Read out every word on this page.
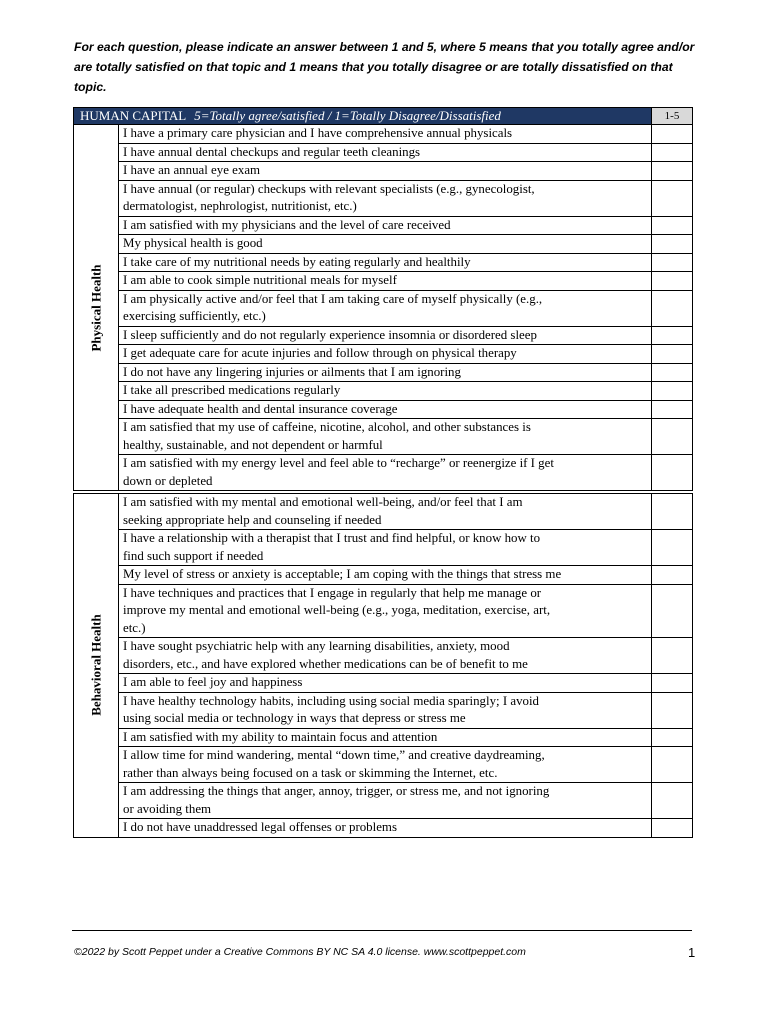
For each question, please indicate an answer between 1 and 5, where 5 means that you totally agree and/or are totally satisfied on that topic and 1 means that you totally disagree or are totally dissatisfied on that topic.
HUMAN CAPITAL 5=Totally agree/satisfied / 1=Totally Disagree/Dissatisfied		1-5

Physical Health	I have a primary care physician and I have comprehensive annual physicals	

	I have annual dental checkups and regular teeth cleanings	

	I have an annual eye exam	

	I have annual (or regular) checkups with relevant specialists (e.g., gynecologist,
dermatologist, nephrologist, nutritionist, etc.)	

	I am satisfied with my physicians and the level of care received	

	My physical health is good	

	I take care of my nutritional needs by eating regularly and healthily	

	I am able to cook simple nutritional meals for myself	

	I am physically active and/or feel that I am taking care of myself physically (e.g.,
exercising sufficiently, etc.)	

	I sleep sufficiently and do not regularly experience insomnia or disordered sleep	

	I get adequate care for acute injuries and follow through on physical therapy	

	I do not have any lingering injuries or ailments that I am ignoring	

	I take all prescribed medications regularly	

	I have adequate health and dental insurance coverage	

	I am satisfied that my use of caffeine, nicotine, alcohol, and other substances is
healthy, sustainable, and not dependent or harmful	

	I am satisfied with my energy level and feel able to “recharge” or reenergize if I get
down or depleted	

Behavioral Health	I am satisfied with my mental and emotional well-being, and/or feel that I am
seeking appropriate help and counseling if needed	

	I have a relationship with a therapist that I trust and find helpful, or know how to
find such support if needed	

	My level of stress or anxiety is acceptable; I am coping with the things that stress me	

	I have techniques and practices that I engage in regularly that help me manage or
improve my mental and emotional well-being (e.g., yoga, meditation, exercise, art,
etc.)	

	I have sought psychiatric help with any learning disabilities, anxiety, mood
disorders, etc., and have explored whether medications can be of benefit to me	

	I am able to feel joy and happiness	

	I have healthy technology habits, including using social media sparingly; I avoid
using social media or technology in ways that depress or stress me	

	I am satisfied with my ability to maintain focus and attention	

	I allow time for mind wandering, mental “down time,” and creative daydreaming,
rather than always being focused on a task or skimming the Internet, etc.	

	I am addressing the things that anger, annoy, trigger, or stress me, and not ignoring
or avoiding them	

	I do not have unaddressed legal offenses or problems	

©2022 by Scott Peppet under a Creative Commons BY NC SA 4.0 license. www.scottpeppet.com	1
